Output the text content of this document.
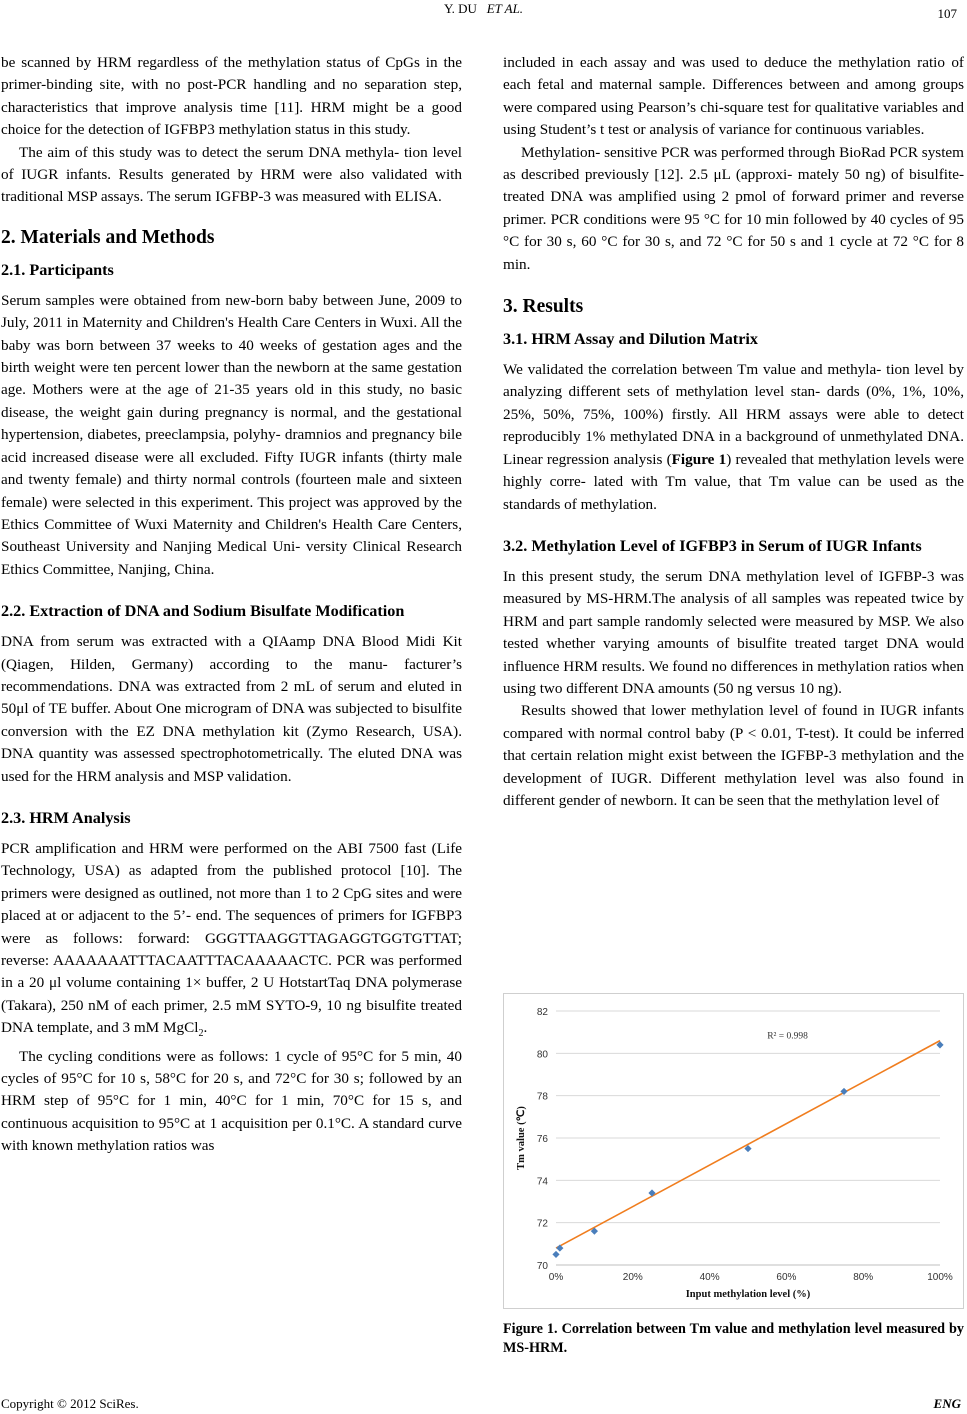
Y. DU ET AL.	107

be scanned by HRM regardless of the methylation status of CpGs in the primer-binding site, with no post-PCR handling and no separation step, characteristics that improve analysis time [11]. HRM might be a good choice for the detection of IGFBP3 methylation status in this study.

The aim of this study was to detect the serum DNA methyla- tion level of IUGR infants. Results generated by HRM were also validated with traditional MSP assays. The serum IGFBP-3 was measured with ELISA.

2. Materials and Methods
2.1. Participants

Serum samples were obtained from new-born baby between June, 2009 to July, 2011 in Maternity and Children's Health Care Centers in Wuxi. All the baby was born between 37 weeks to 40 weeks of gestation ages and the birth weight were ten percent lower than the newborn at the same gestation age. Mothers were at the age of 21-35 years old in this study, no basic disease, the weight gain during pregnancy is normal, and the gestational hypertension, diabetes, preeclampsia, polyhy- dramnios and pregnancy bile acid increased disease were all excluded. Fifty IUGR infants (thirty male and twenty female) and thirty normal controls (fourteen male and sixteen female) were selected in this experiment. This project was approved by the Ethics Committee of Wuxi Maternity and Children's Health Care Centers, Southeast University and Nanjing Medical Uni- versity Clinical Research Ethics Committee, Nanjing, China.

2.2. Extraction of DNA and Sodium Bisulfate Modification

DNA from serum was extracted with a QIAamp DNA Blood Midi Kit (Qiagen, Hilden, Germany) according to the manu- facturer’s recommendations. DNA was extracted from 2 mL of serum and eluted in 50μl of TE buffer. About One microgram of DNA was subjected to bisulfite conversion with the EZ DNA methylation kit (Zymo Research, USA). DNA quantity was assessed spectrophotometrically. The eluted DNA was used for the HRM analysis and MSP validation.

2.3. HRM Analysis

PCR amplification and HRM were performed on the ABI 7500 fast (Life Technology, USA) as adapted from the published protocol [10]. The primers were designed as outlined, not more than 1 to 2 CpG sites and were placed at or adjacent to the 5’- end. The sequences of primers for IGFBP3 were as follows: forward: GGGTTAAGGTTAGAGGTGGTGTTAT; reverse: AAAAAAATTTACAATTTACAAAAACTC. PCR was performed in a 20 μl volume containing 1× buffer, 2 U HotstartTaq DNA polymerase (Takara), 250 nM of each primer, 2.5 mM SYTO-9, 10 ng bisulfite treated DNA template, and 3 mM MgCl$_2$.

The cycling conditions were as follows: 1 cycle of 95°C for 5 min, 40 cycles of 95°C for 10 s, 58°C for 20 s, and 72°C for 30 s; followed by an HRM step of 95°C for 1 min, 40°C for 1 min, 70°C for 15 s, and continuous acquisition to 95°C at 1 acquisition per 0.1°C. A standard curve with known methylation ratios was

included in each assay and was used to deduce the methylation ratio of each fetal and maternal sample. Differences between and among groups were compared using Pearson’s chi-square test for qualitative variables and using Student’s t test or analysis of variance for continuous variables.

Methylation- sensitive PCR was performed through BioRad PCR system as described previously [12]. 2.5 μL (approxi- mately 50 ng) of bisulfite-treated DNA was amplified using 2 pmol of forward primer and reverse primer. PCR conditions were 95 °C for 10 min followed by 40 cycles of 95 °C for 30 s, 60 °C for 30 s, and 72 °C for 50 s and 1 cycle at 72 °C for 8 min.

3. Results
3.1. HRM Assay and Dilution Matrix

We validated the correlation between Tm value and methyla- tion level by analyzing different sets of methylation level stan- dards (0%, 1%, 10%, 25%, 50%, 75%, 100%) firstly. All HRM assays were able to detect reproducibly 1% methylated DNA in a background of unmethylated DNA. Linear regression analysis (Figure 1) revealed that methylation levels were highly corre- lated with Tm value, that Tm value can be used as the standards of methylation.

3.2. Methylation Level of IGFBP3 in Serum of IUGR Infants

In this present study, the serum DNA methylation level of IGFBP-3 was measured by MS-HRM.The analysis of all samples was repeated twice by HRM and part sample randomly selected were measured by MSP. We also tested whether varying amounts of bisulfite treated target DNA would influence HRM results. We found no differences in methylation ratios when using two different DNA amounts (50 ng versus 10 ng).

Results showed that lower methylation level of found in IUGR infants compared with normal control baby (P < 0.01, T-test). It could be inferred that certain relation might exist between the IGFBP-3 methylation and the development of IUGR. Different methylation level was also found in different gender of newborn. It can be seen that the methylation level of

70
72
74
76
78
80
82
0%	20%	40%	60%	80%	100%
R² = 0.998
Input methylation level (%)
Tm value (℃)
Figure 1. Correlation between Tm value and methylation level measured by MS-HRM.
Copyright © 2012 SciRes.	ENG
